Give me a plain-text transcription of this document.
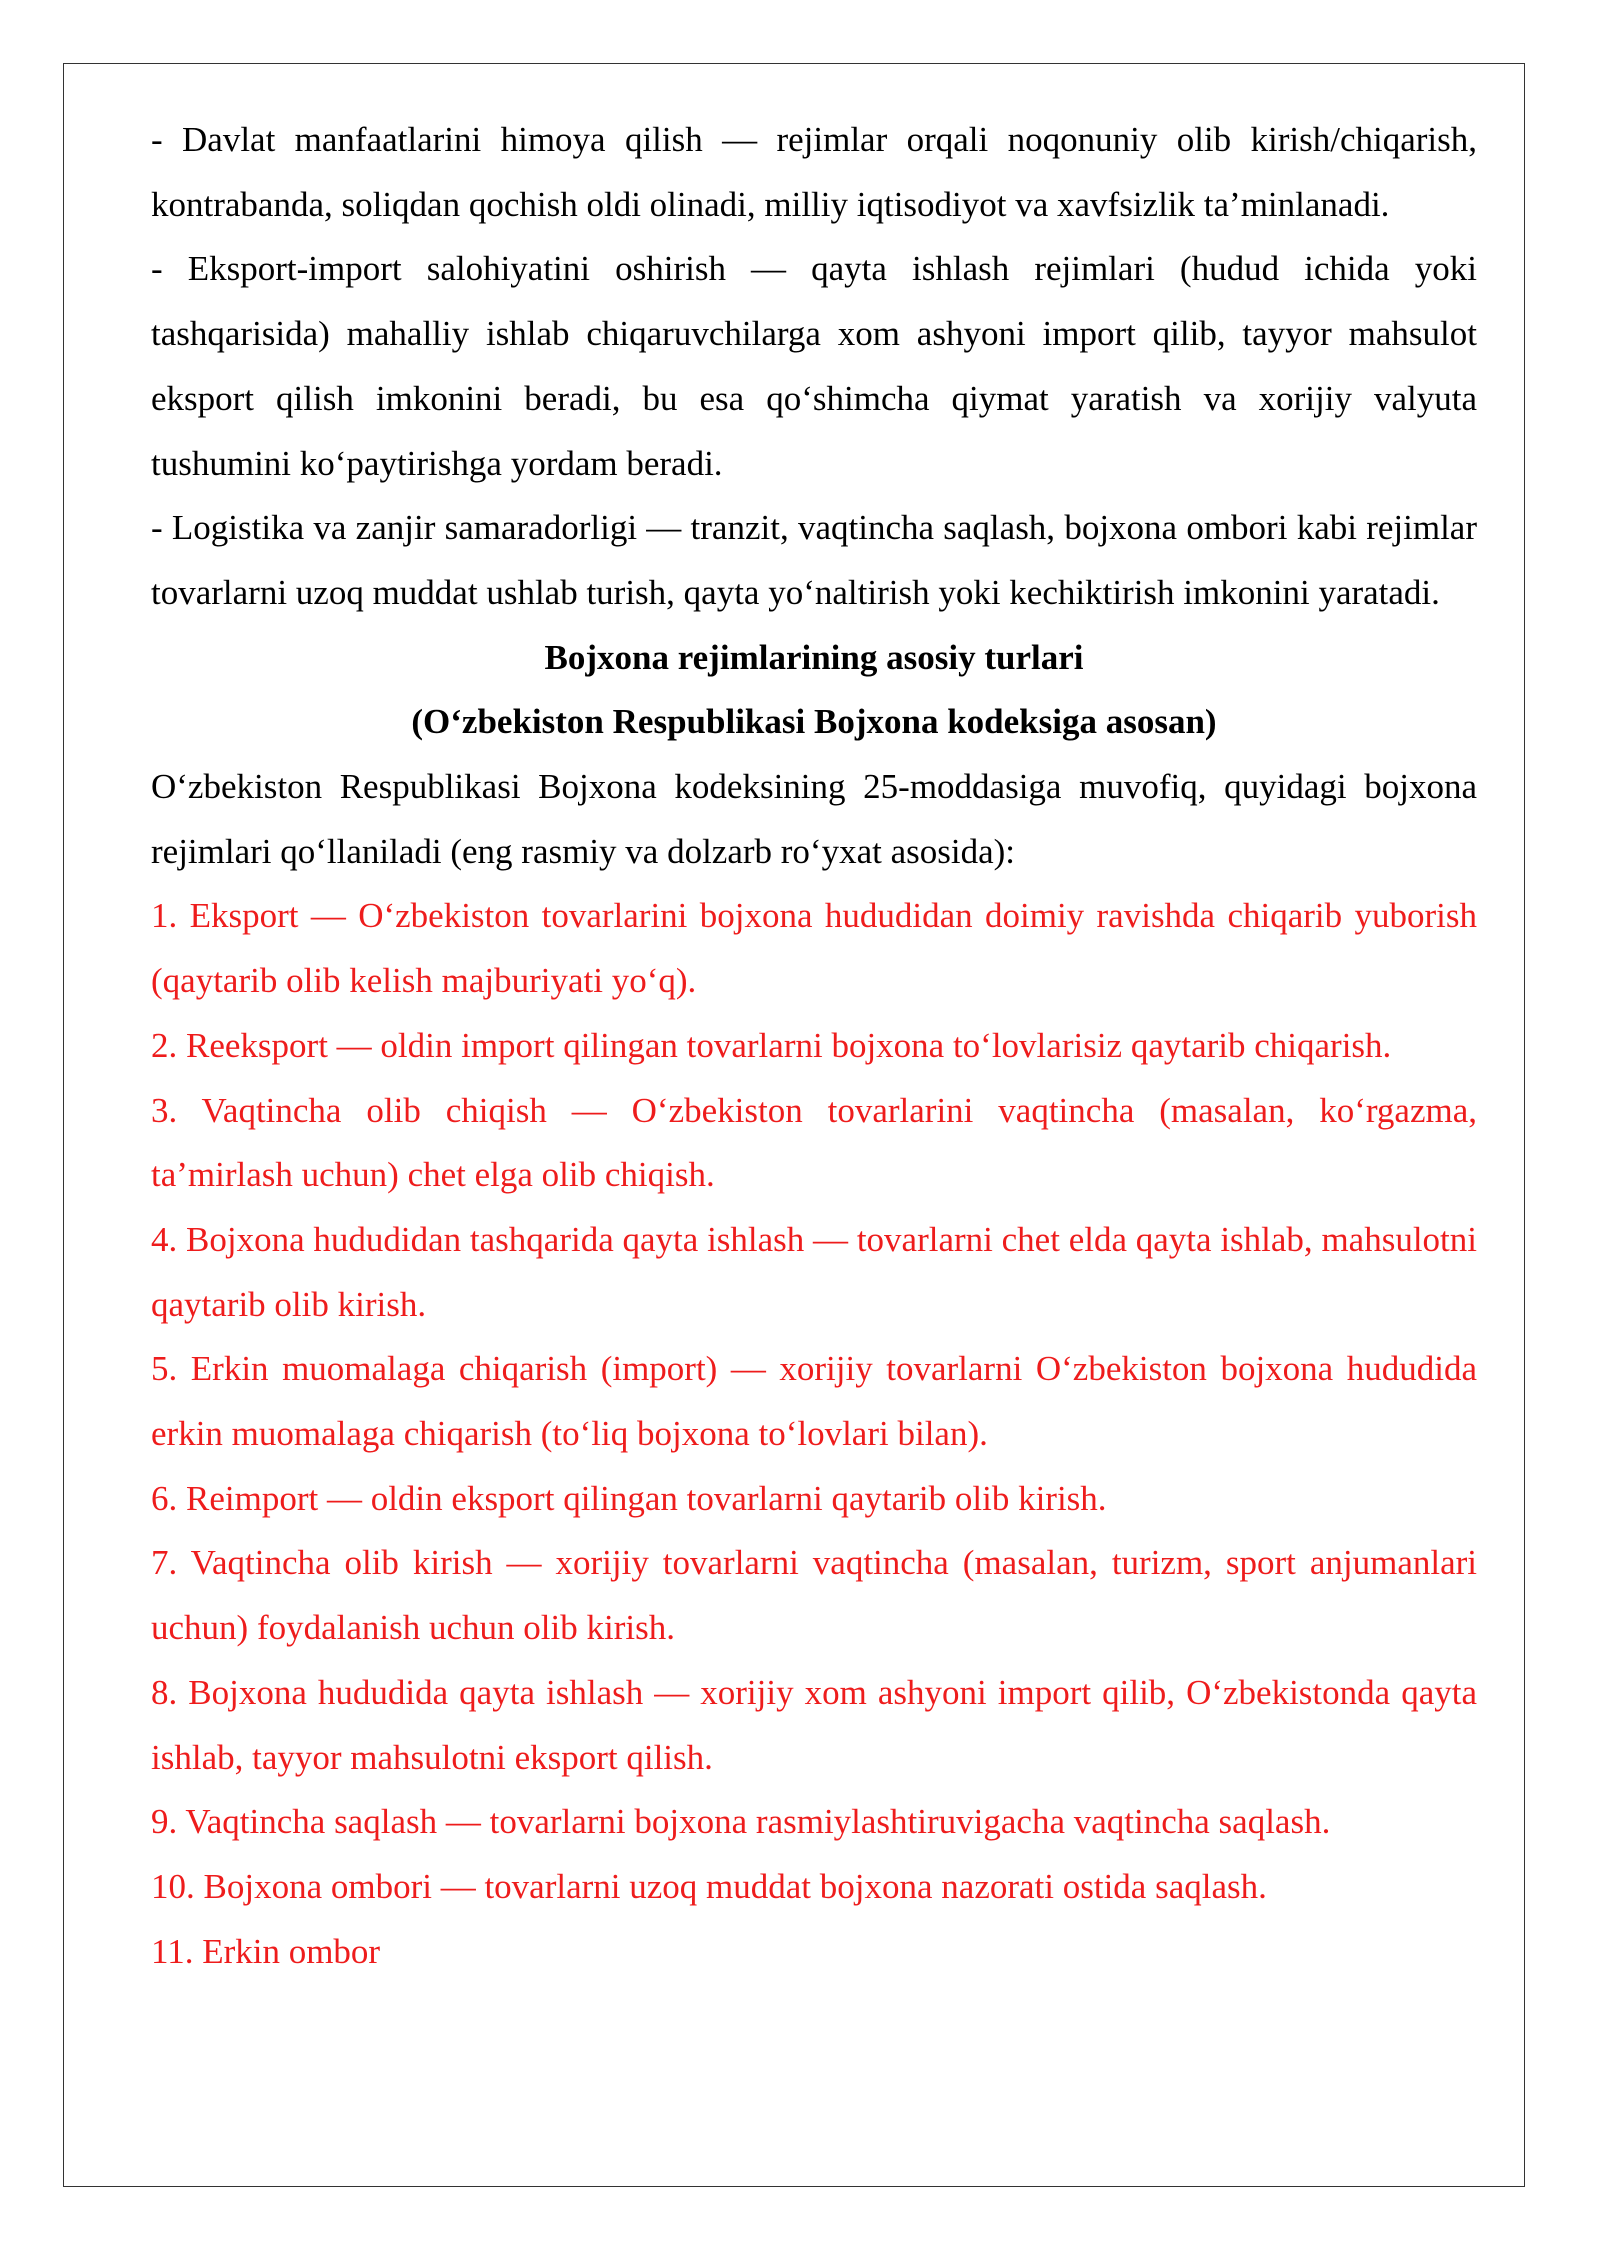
- Davlat manfaatlarini himoya qilish — rejimlar orqali noqonuniy olib kirish/chiqarish, kontrabanda, soliqdan qochish oldi olinadi, milliy iqtisodiyot va xavfsizlik ta’minlanadi.

- Eksport-import salohiyatini oshirish — qayta ishlash rejimlari (hudud ichida yoki tashqarisida) mahalliy ishlab chiqaruvchilarga xom ashyoni import qilib, tayyor mahsulot eksport qilish imkonini beradi, bu esa qo‘shimcha qiymat yaratish va xorijiy valyuta tushumini ko‘paytirishga yordam beradi.

- Logistika va zanjir samaradorligi — tranzit, vaqtincha saqlash, bojxona ombori kabi rejimlar tovarlarni uzoq muddat ushlab turish, qayta yo‘naltirish yoki kechiktirish imkonini yaratadi.

Bojxona rejimlarining asosiy turlari
(O‘zbekiston Respublikasi Bojxona kodeksiga asosan)

O‘zbekiston Respublikasi Bojxona kodeksining 25-moddasiga muvofiq, quyidagi bojxona rejimlari qo‘llaniladi (eng rasmiy va dolzarb ro‘yxat asosida):

1. Eksport — O‘zbekiston tovarlarini bojxona hududidan doimiy ravishda chiqarib yuborish (qaytarib olib kelish majburiyati yo‘q).

2. Reeksport — oldin import qilingan tovarlarni bojxona to‘lovlarisiz qaytarib chiqarish.

3. Vaqtincha olib chiqish — O‘zbekiston tovarlarini vaqtincha (masalan, ko‘rgazma, ta’mirlash uchun) chet elga olib chiqish.

4. Bojxona hududidan tashqarida qayta ishlash — tovarlarni chet elda qayta ishlab, mahsulotni qaytarib olib kirish.

5. Erkin muomalaga chiqarish (import) — xorijiy tovarlarni O‘zbekiston bojxona hududida erkin muomalaga chiqarish (to‘liq bojxona to‘lovlari bilan).

6. Reimport — oldin eksport qilingan tovarlarni qaytarib olib kirish.

7. Vaqtincha olib kirish — xorijiy tovarlarni vaqtincha (masalan, turizm, sport anjumanlari uchun) foydalanish uchun olib kirish.

8. Bojxona hududida qayta ishlash — xorijiy xom ashyoni import qilib, O‘zbekistonda qayta ishlab, tayyor mahsulotni eksport qilish.

9. Vaqtincha saqlash — tovarlarni bojxona rasmiylashtiruvigacha vaqtincha saqlash.

10. Bojxona ombori — tovarlarni uzoq muddat bojxona nazorati ostida saqlash.

11. Erkin ombor
